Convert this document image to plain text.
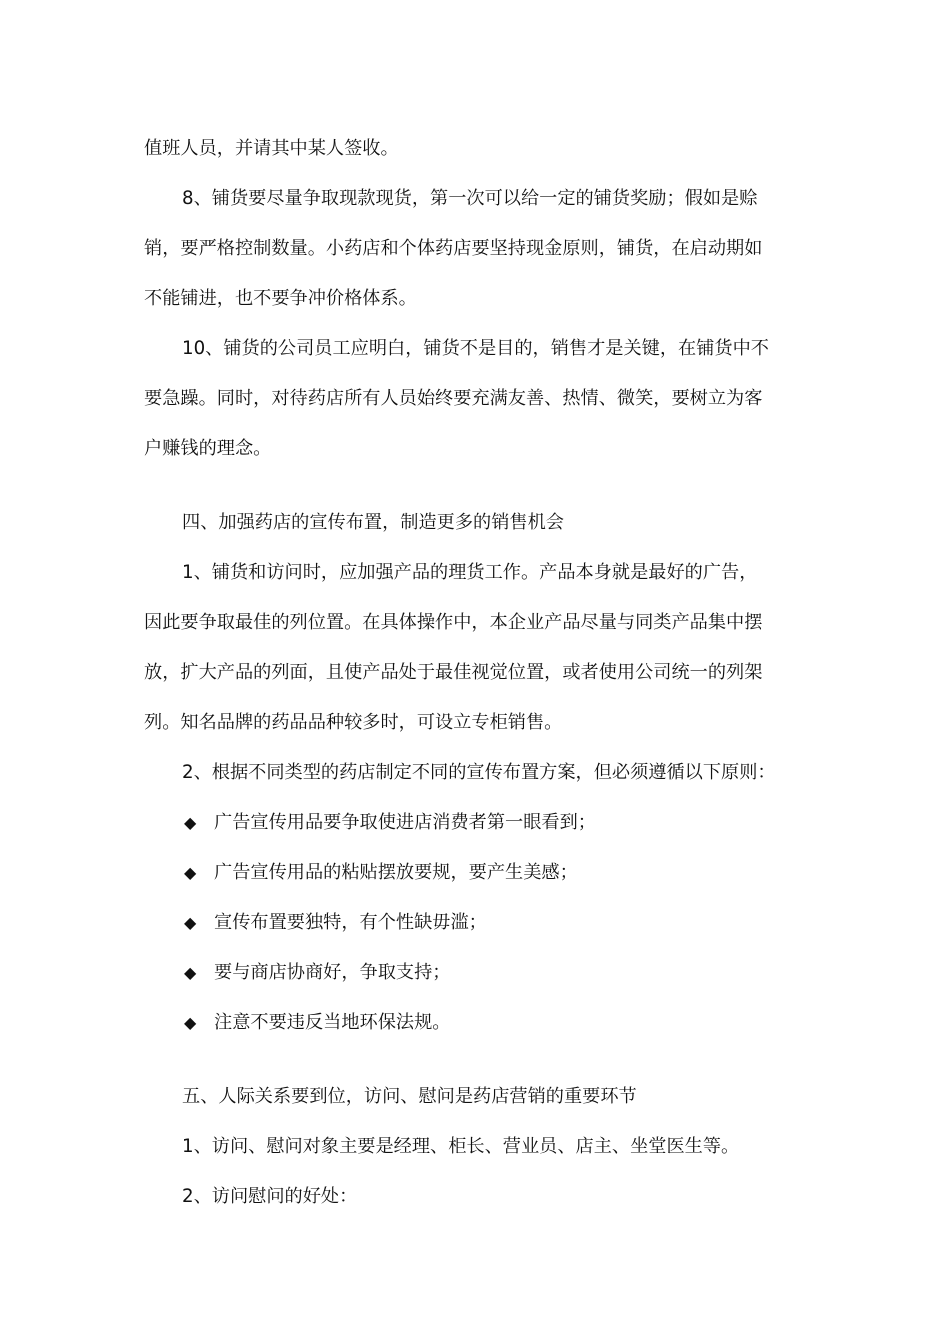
值班人员，并请其中某人签收。
8、铺货要尽量争取现款现货，第一次可以给一定的铺货奖励；假如是赊
销，要严格控制数量。小药店和个体药店要坚持现金原则，铺货，在启动期如
不能铺进，也不要争冲价格体系。
10、铺货的公司员工应明白，铺货不是目的，销售才是关键，在铺货中不
要急躁。同时，对待药店所有人员始终要充满友善、热情、微笑，要树立为客
户赚钱的理念。
四、加强药店的宣传布置，制造更多的销售机会
1、铺货和访问时，应加强产品的理货工作。产品本身就是最好的广告，
因此要争取最佳的列位置。在具体操作中，本企业产品尽量与同类产品集中摆
放，扩大产品的列面，且使产品处于最佳视觉位置，或者使用公司统一的列架
列。知名品牌的药品品种较多时，可设立专柜销售。
2、根据不同类型的药店制定不同的宣传布置方案，但必须遵循以下原则：
◆ 广告宣传用品要争取使进店消费者第一眼看到；
◆ 广告宣传用品的粘贴摆放要规，要产生美感；
◆ 宣传布置要独特，有个性缺毋滥；
◆ 要与商店协商好，争取支持；
◆ 注意不要违反当地环保法规。
五、人际关系要到位，访问、慰问是药店营销的重要环节
1、访问、慰问对象主要是经理、柜长、营业员、店主、坐堂医生等。
2、访问慰问的好处：
